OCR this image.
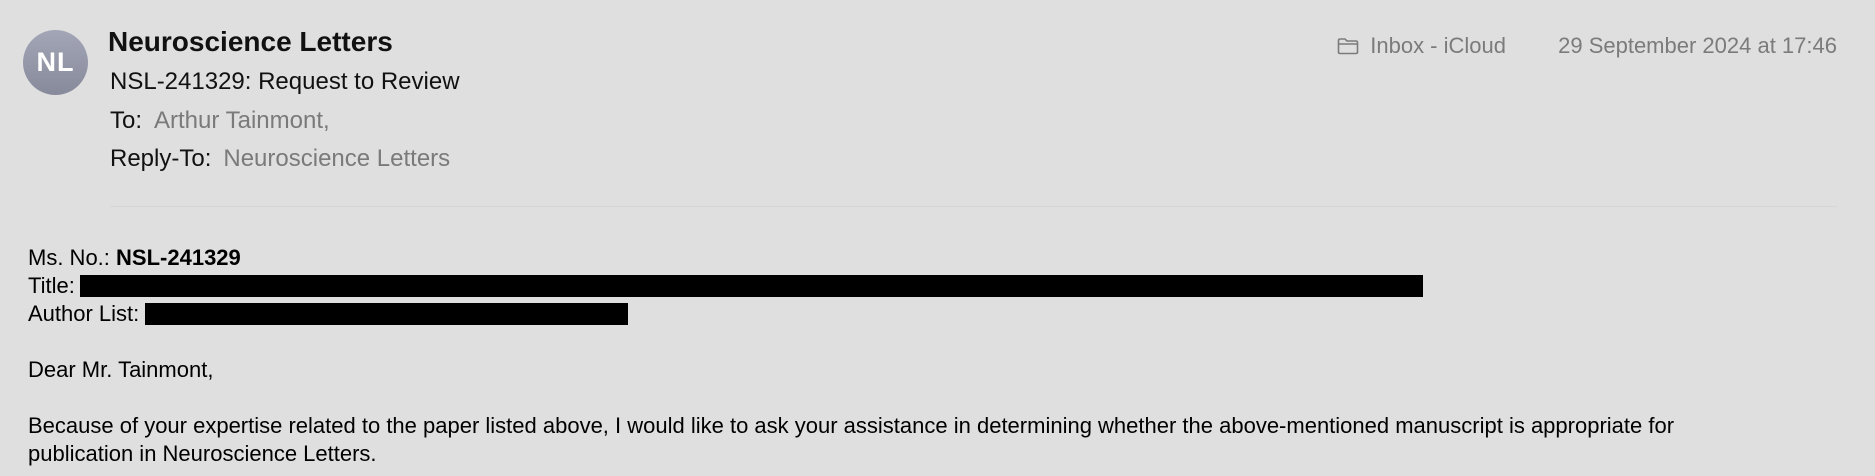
NL
Neuroscience Letters
NSL-241329: Request to Review
To: Arthur Tainmont,
Reply-To: Neuroscience Letters
Inbox - iCloud 29 September 2024 at 17:46
Ms. No.: NSL-241329
Title:
Author List:
Dear Mr. Tainmont,
Because of your expertise related to the paper listed above, I would like to ask your assistance in determining whether the above-mentioned manuscript is appropriate for
publication in Neuroscience Letters.
